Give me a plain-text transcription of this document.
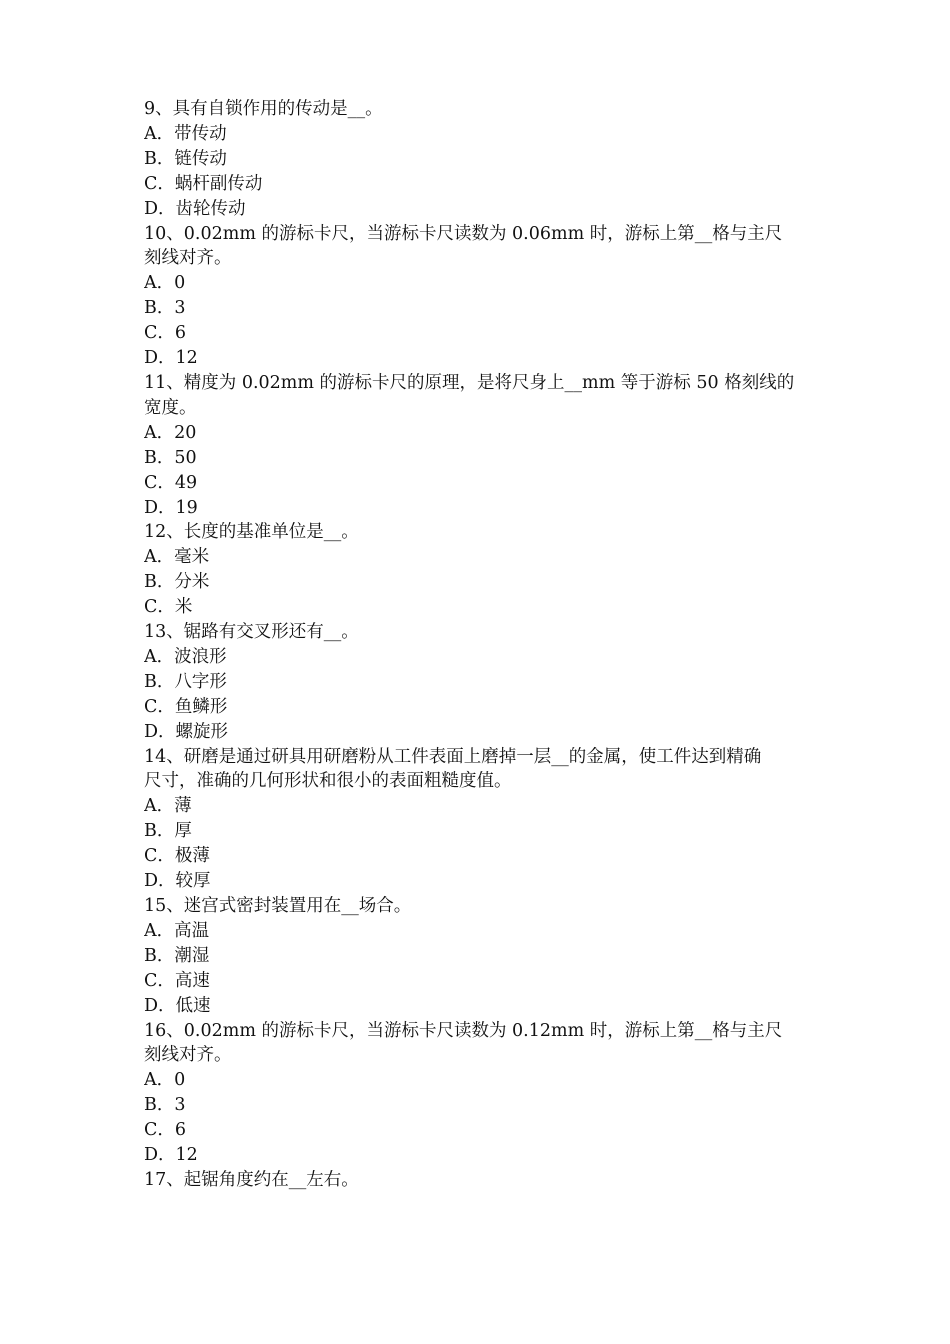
9、具有自锁作用的传动是__。

A．带传动

B．链传动

C．蜗杆副传动

D．齿轮传动

10、0.02mm 的游标卡尺，当游标卡尺读数为 0.06mm 时，游标上第__格与主尺

刻线对齐。

A．0

B．3

C．6

D．12

11、精度为 0.02mm 的游标卡尺的原理，是将尺身上__mm 等于游标 50 格刻线的

宽度。

A．20

B．50

C．49

D．19

12、长度的基准单位是__。

A．毫米

B．分米

C．米

13、锯路有交叉形还有__。

A．波浪形

B．八字形

C．鱼鳞形

D．螺旋形

14、研磨是通过研具用研磨粉从工件表面上磨掉一层__的金属，使工件达到精确

尺寸，准确的几何形状和很小的表面粗糙度值。

A．薄

B．厚

C．极薄

D．较厚

15、迷宫式密封装置用在__场合。

A．高温

B．潮湿

C．高速

D．低速

16、0.02mm 的游标卡尺，当游标卡尺读数为 0.12mm 时，游标上第__格与主尺

刻线对齐。

A．0

B．3

C．6

D．12

17、起锯角度约在__左右。
